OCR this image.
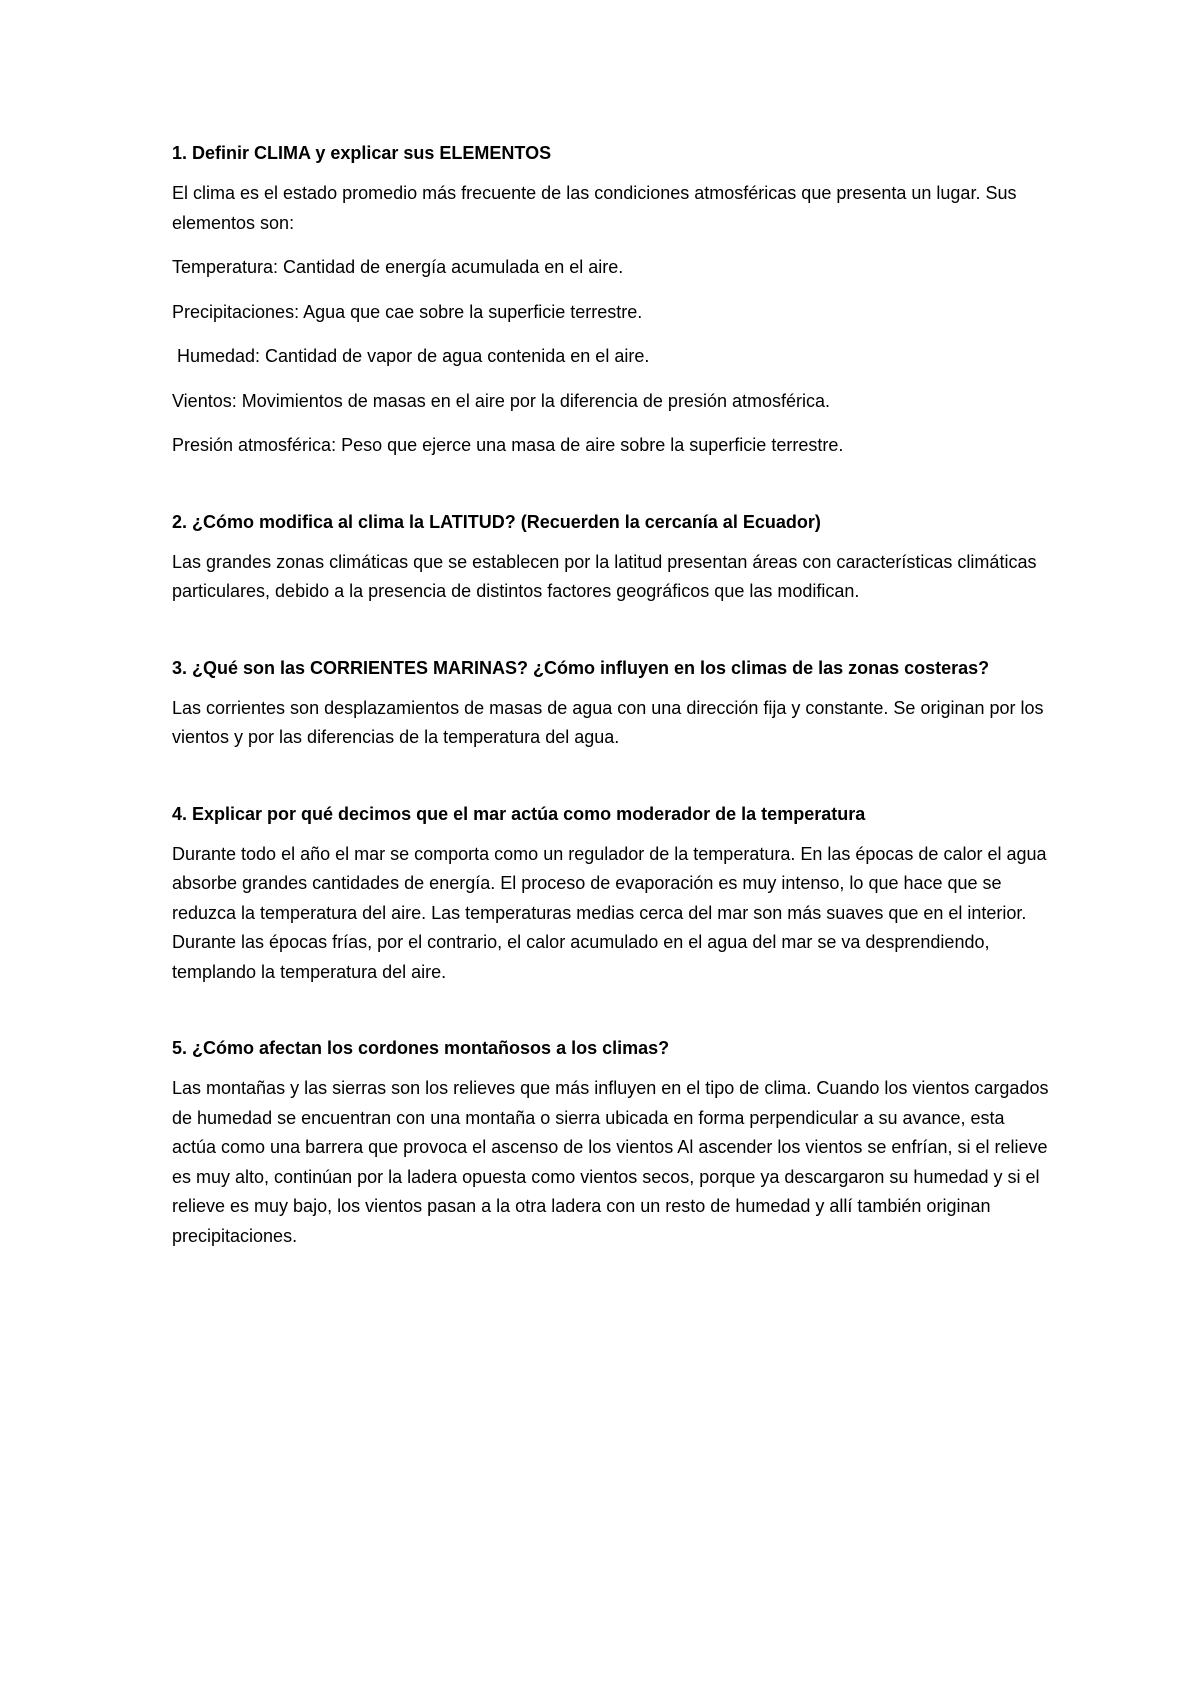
1. Definir CLIMA y explicar sus ELEMENTOS

El clima es el estado promedio más frecuente de las condiciones atmosféricas que presenta un lugar. Sus elementos son:

Temperatura: Cantidad de energía acumulada en el aire.

Precipitaciones: Agua que cae sobre la superficie terrestre.

Humedad: Cantidad de vapor de agua contenida en el aire.

Vientos: Movimientos de masas en el aire por la diferencia de presión atmosférica.

Presión atmosférica: Peso que ejerce una masa de aire sobre la superficie terrestre.

2. ¿Cómo modifica al clima la LATITUD? (Recuerden la cercanía al Ecuador)

Las grandes zonas climáticas que se establecen por la latitud presentan áreas con características climáticas particulares, debido a la presencia de distintos factores geográficos que las modifican.

3. ¿Qué son las CORRIENTES MARINAS? ¿Cómo influyen en los climas de las zonas costeras?

Las corrientes son desplazamientos de masas de agua con una dirección fija y constante. Se originan por los vientos y por las diferencias de la temperatura del agua.

4. Explicar por qué decimos que el mar actúa como moderador de la temperatura

Durante todo el año el mar se comporta como un regulador de la temperatura. En las épocas de calor el agua absorbe grandes cantidades de energía. El proceso de evaporación es muy intenso, lo que hace que se reduzca la temperatura del aire. Las temperaturas medias cerca del mar son más suaves que en el interior. Durante las épocas frías, por el contrario, el calor acumulado en el agua del mar se va desprendiendo, templando la temperatura del aire.

5. ¿Cómo afectan los cordones montañosos a los climas?

Las montañas y las sierras son los relieves que más influyen en el tipo de clima. Cuando los vientos cargados de humedad se encuentran con una montaña o sierra ubicada en forma perpendicular a su avance, esta actúa como una barrera que provoca el ascenso de los vientos Al ascender los vientos se enfrían, si el relieve es muy alto, continúan por la ladera opuesta como vientos secos, porque ya descargaron su humedad y si el relieve es muy bajo, los vientos pasan a la otra ladera con un resto de humedad y allí también originan precipitaciones.
